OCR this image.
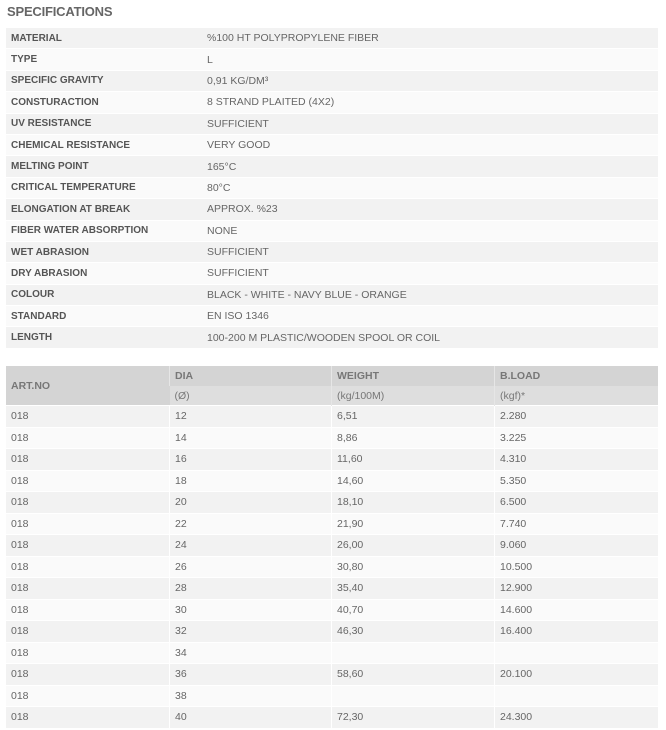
SPECIFICATIONS
MATERIAL	%100 HT POLYPROPYLENE FIBER
TYPE	L
SPECIFIC GRAVITY	0,91 KG/DM³
CONSTURACTION	8 STRAND PLAITED (4X2)
UV RESISTANCE	SUFFICIENT
CHEMICAL RESISTANCE	VERY GOOD
MELTING POINT	165°C
CRITICAL TEMPERATURE	80°C
ELONGATION AT BREAK	APPROX. %23
FIBER WATER ABSORPTION	NONE
WET ABRASION	SUFFICIENT
DRY ABRASION	SUFFICIENT
COLOUR	BLACK - WHITE - NAVY BLUE - ORANGE
STANDARD	EN ISO 1346
LENGTH	100-200 M PLASTIC/WOODEN SPOOL OR COIL
ART.NO	DIA	WEIGHT	B.LOAD
	(Ø)	(kg/100M)	(kgf)*
018	12	6,51	2.280
018	14	8,86	3.225
018	16	11,60	4.310
018	18	14,60	5.350
018	20	18,10	6.500
018	22	21,90	7.740
018	24	26,00	9.060
018	26	30,80	10.500
018	28	35,40	12.900
018	30	40,70	14.600
018	32	46,30	16.400
018	34		
018	36	58,60	20.100
018	38		
018	40	72,30	24.300
